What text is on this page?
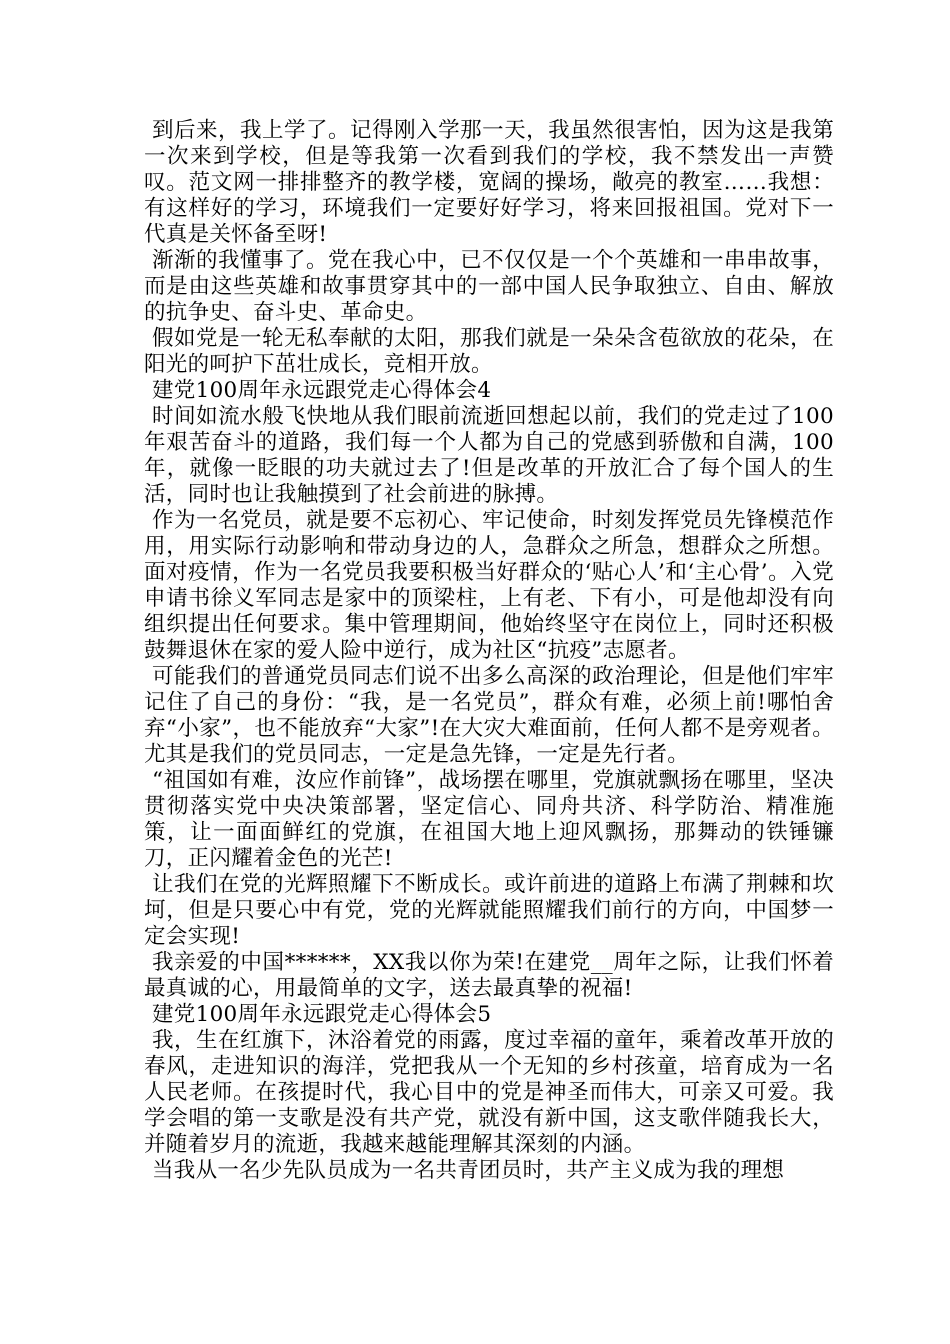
到后来，我上学了。记得刚入学那一天，我虽然很害怕，因为这是我第一次来到学校，但是等我第一次看到我们的学校，我不禁发出一声赞叹。范文网一排排整齐的教学楼，宽阔的操场，敞亮的教室……我想：有这样好的学习，环境我们一定要好好学习，将来回报祖国。党对下一代真是关怀备至呀!

渐渐的我懂事了。党在我心中，已不仅仅是一个个英雄和一串串故事，而是由这些英雄和故事贯穿其中的一部中国人民争取独立、自由、解放的抗争史、奋斗史、革命史。

假如党是一轮无私奉献的太阳，那我们就是一朵朵含苞欲放的花朵，在阳光的呵护下茁壮成长，竞相开放。

建党100周年永远跟党走心得体会4

时间如流水般飞快地从我们眼前流逝回想起以前，我们的党走过了100年艰苦奋斗的道路，我们每一个人都为自己的党感到骄傲和自满，100年，就像一眨眼的功夫就过去了!但是改革的开放汇合了每个国人的生活，同时也让我触摸到了社会前进的脉搏。

作为一名党员，就是要不忘初心、牢记使命，时刻发挥党员先锋模范作用，用实际行动影响和带动身边的人，急群众之所急，想群众之所想。面对疫情，作为一名党员我要积极当好群众的‘贴心人’和‘主心骨’。入党申请书徐义军同志是家中的顶梁柱，上有老、下有小，可是他却没有向组织提出任何要求。集中管理期间，他始终坚守在岗位上，同时还积极鼓舞退休在家的爱人险中逆行，成为社区“抗疫”志愿者。

可能我们的普通党员同志们说不出多么高深的政治理论，但是他们牢牢记住了自己的身份：“我，是一名党员”，群众有难，必须上前!哪怕舍弃“小家”，也不能放弃“大家”!在大灾大难面前，任何人都不是旁观者。尤其是我们的党员同志，一定是急先锋，一定是先行者。

“祖国如有难，汝应作前锋”，战场摆在哪里，党旗就飘扬在哪里，坚决贯彻落实党中央决策部署，坚定信心、同舟共济、科学防治、精准施策，让一面面鲜红的党旗，在祖国大地上迎风飘扬，那舞动的铁锤镰刀，正闪耀着金色的光芒!

让我们在党的光辉照耀下不断成长。或许前进的道路上布满了荆棘和坎坷，但是只要心中有党，党的光辉就能照耀我们前行的方向，中国梦一定会实现!

我亲爱的中国******，XX我以你为荣!在建党__周年之际，让我们怀着最真诚的心，用最简单的文字，送去最真挚的祝福!

建党100周年永远跟党走心得体会5

我，生在红旗下，沐浴着党的雨露，度过幸福的童年，乘着改革开放的春风，走进知识的海洋，党把我从一个无知的乡村孩童，培育成为一名人民老师。在孩提时代，我心目中的党是神圣而伟大，可亲又可爱。我学会唱的第一支歌是没有共产党，就没有新中国，这支歌伴随我长大，并随着岁月的流逝，我越来越能理解其深刻的内涵。

当我从一名少先队员成为一名共青团员时，共产主义成为我的理想
